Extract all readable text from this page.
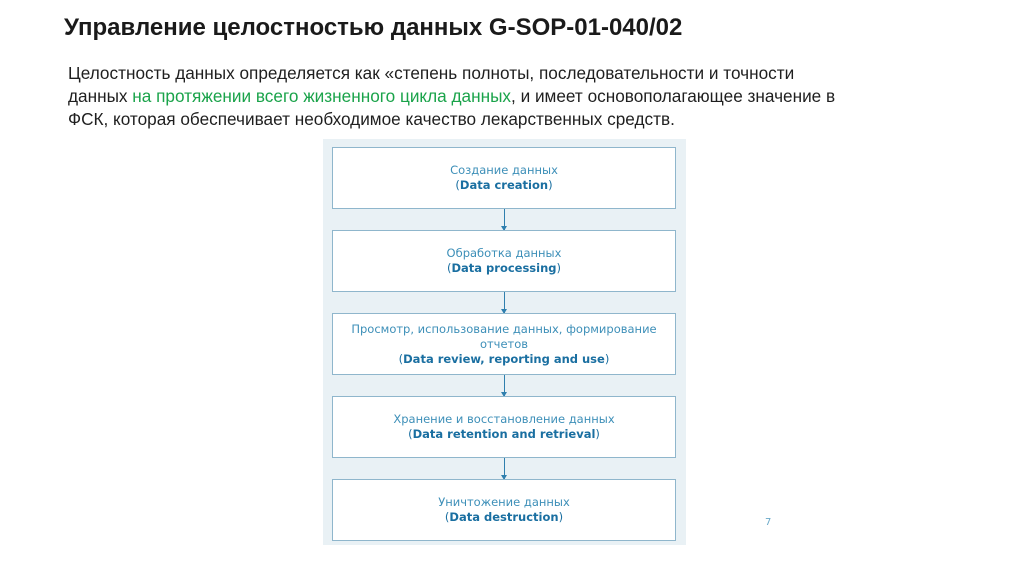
Управление целостностью данных G-SOP-01-040/02

Целостность данных определяется как «степень полноты, последовательности и точности
данных на протяжении всего жизненного цикла данных, и имеет основополагающее значение в
ФСК, которая обеспечивает необходимое качество лекарственных средств.

Создание данных
(Data creation)
Обработка данных
(Data processing)
Просмотр, использование данных, формирование отчетов
(Data review, reporting and use)
Хранение и восстановление данных
(Data retention and retrieval)
Уничтожение данных
(Data destruction)	7
